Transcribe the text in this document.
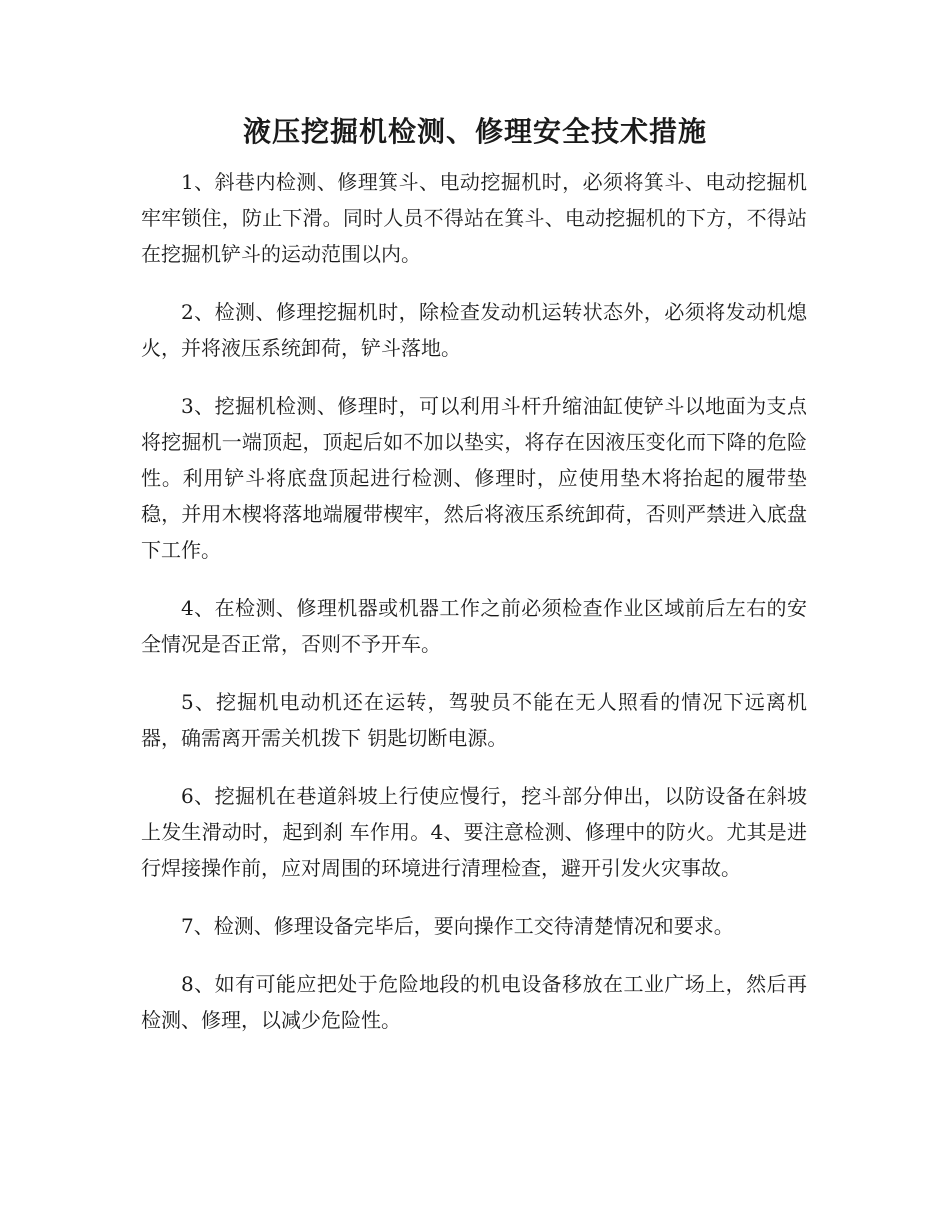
液压挖掘机检测、修理安全技术措施

1、斜巷内检测、修理箕斗、电动挖掘机时，必须将箕斗、电动挖掘机牢牢锁住，防止下滑。同时人员不得站在箕斗、电动挖掘机的下方，不得站在挖掘机铲斗的运动范围以内。

2、检测、修理挖掘机时，除检查发动机运转状态外，必须将发动机熄火，并将液压系统卸荷，铲斗落地。

3、挖掘机检测、修理时，可以利用斗杆升缩油缸使铲斗以地面为支点将挖掘机一端顶起，顶起后如不加以垫实，将存在因液压变化而下降的危险性。利用铲斗将底盘顶起进行检测、修理时，应使用垫木将抬起的履带垫稳，并用木楔将落地端履带楔牢，然后将液压系统卸荷，否则严禁进入底盘下工作。

4、在检测、修理机器或机器工作之前必须检查作业区域前后左右的安全情况是否正常，否则不予开车。

5、挖掘机电动机还在运转，驾驶员不能在无人照看的情况下远离机器，确需离开需关机拨下 钥匙切断电源。

6、挖掘机在巷道斜坡上行使应慢行，挖斗部分伸出，以防设备在斜坡上发生滑动时，起到刹 车作用。4、要注意检测、修理中的防火。尤其是进行焊接操作前，应对周围的环境进行清理检查，避开引发火灾事故。

7、检测、修理设备完毕后，要向操作工交待清楚情况和要求。

8、如有可能应把处于危险地段的机电设备移放在工业广场上，然后再检测、修理，以减少危险性。
